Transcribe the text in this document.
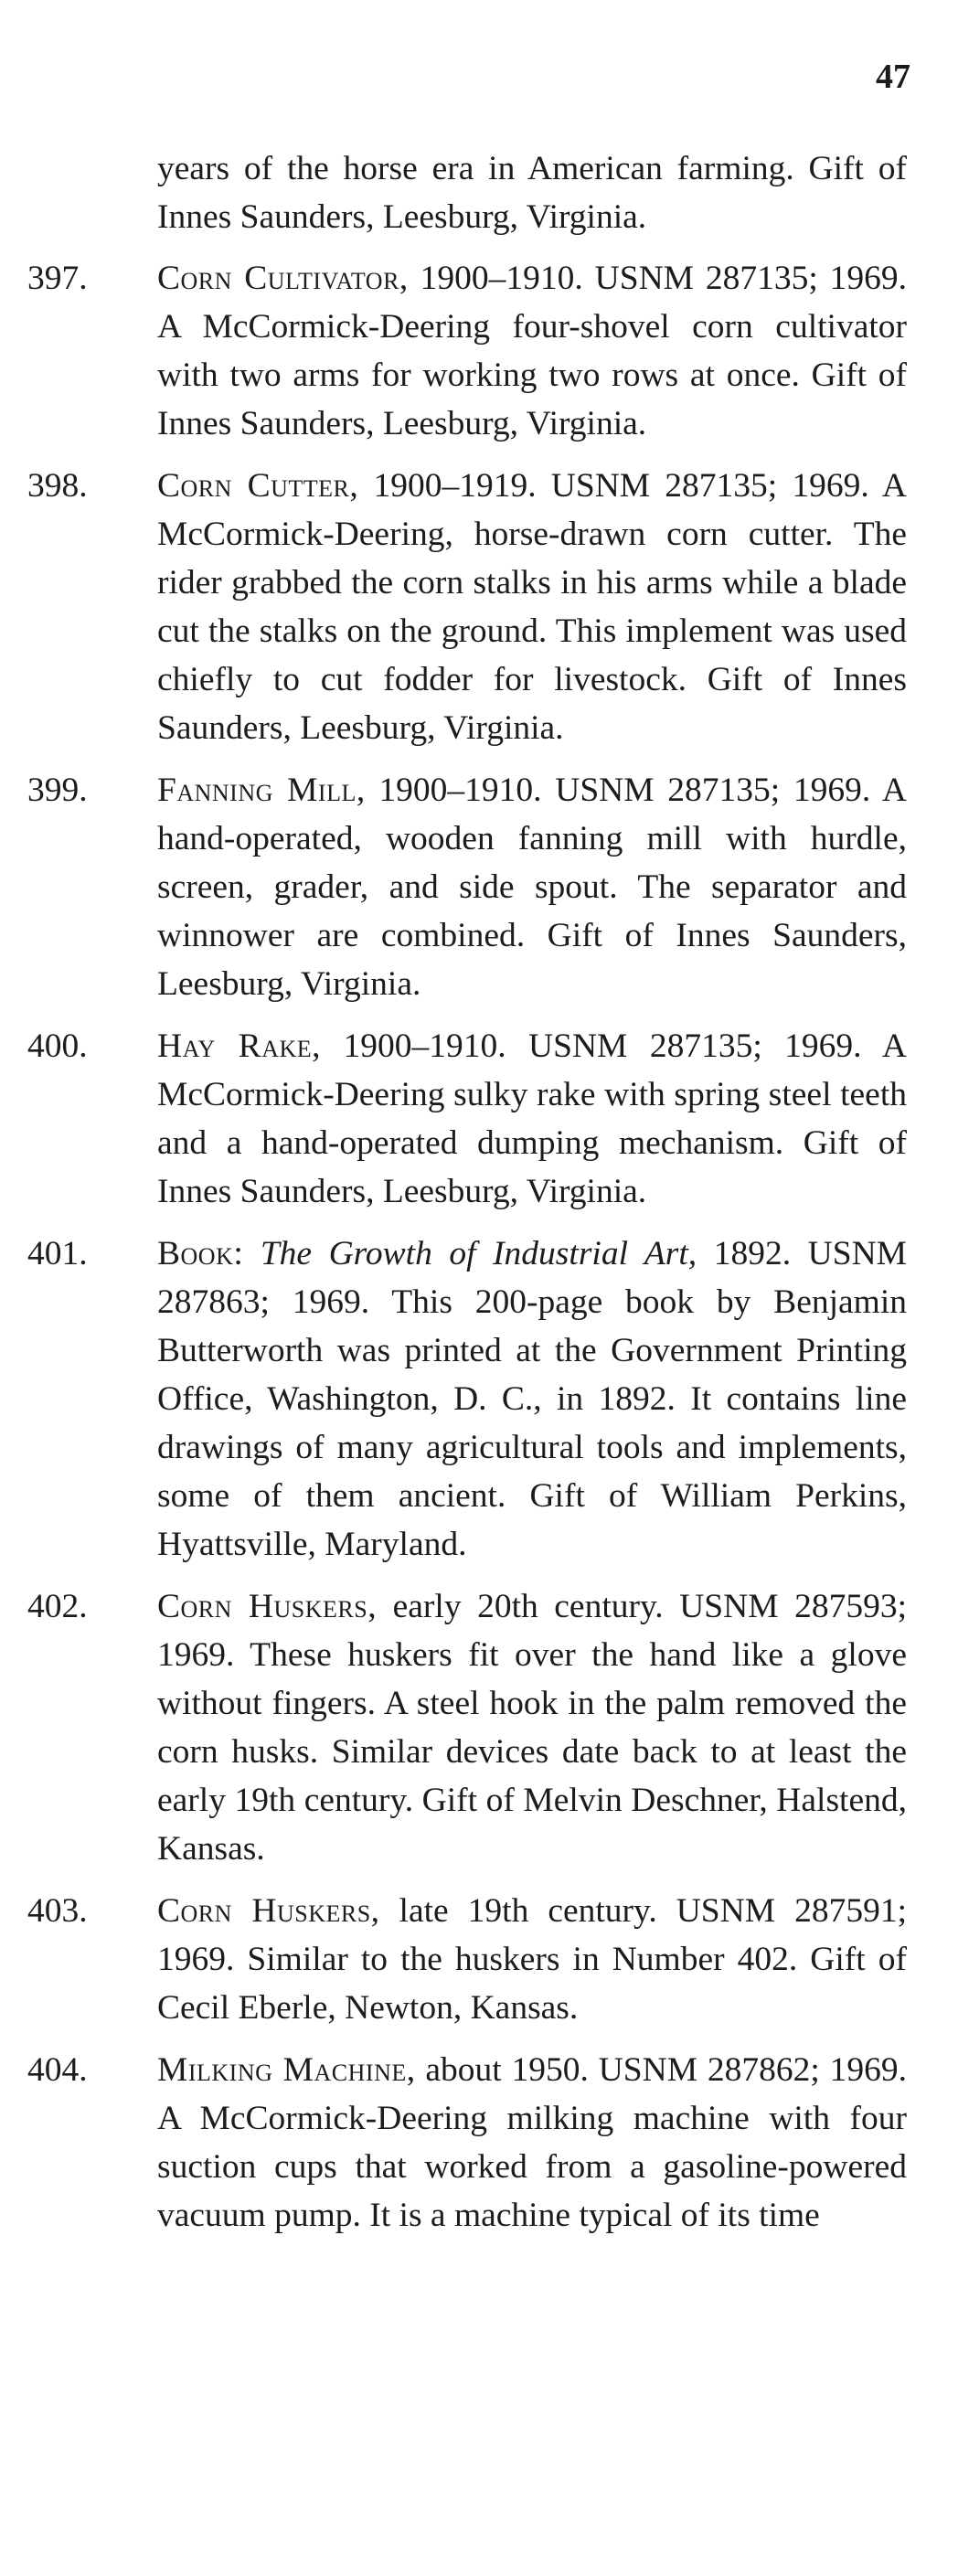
47
years of the horse era in American farming. Gift of Innes Saunders, Leesburg, Virginia.
397. Corn Cultivator, 1900–1910. USNM 287135; 1969. A McCormick-Deering four-shovel corn cultivator with two arms for working two rows at once. Gift of Innes Saunders, Leesburg, Virginia.
398. Corn Cutter, 1900–1919. USNM 287135; 1969. A McCormick-Deering, horse-drawn corn cutter. The rider grabbed the corn stalks in his arms while a blade cut the stalks on the ground. This implement was used chiefly to cut fodder for livestock. Gift of Innes Saunders, Leesburg, Virginia.
399. Fanning Mill, 1900–1910. USNM 287135; 1969. A hand-operated, wooden fanning mill with hurdle, screen, grader, and side spout. The separator and winnower are combined. Gift of Innes Saunders, Leesburg, Virginia.
400. Hay Rake, 1900–1910. USNM 287135; 1969. A McCormick-Deering sulky rake with spring steel teeth and a hand-operated dumping mechanism. Gift of Innes Saunders, Leesburg, Virginia.
401. Book: The Growth of Industrial Art, 1892. USNM 287863; 1969. This 200-page book by Benjamin Butterworth was printed at the Government Printing Office, Washington, D. C., in 1892. It contains line drawings of many agricultural tools and implements, some of them ancient. Gift of William Perkins, Hyattsville, Maryland.
402. Corn Huskers, early 20th century. USNM 287593; 1969. These huskers fit over the hand like a glove without fingers. A steel hook in the palm removed the corn husks. Similar devices date back to at least the early 19th century. Gift of Melvin Deschner, Halstend, Kansas.
403. Corn Huskers, late 19th century. USNM 287591; 1969. Similar to the huskers in Number 402. Gift of Cecil Eberle, Newton, Kansas.
404. Milking Machine, about 1950. USNM 287862; 1969. A McCormick-Deering milking machine with four suction cups that worked from a gasoline-powered vacuum pump. It is a machine typical of its time
